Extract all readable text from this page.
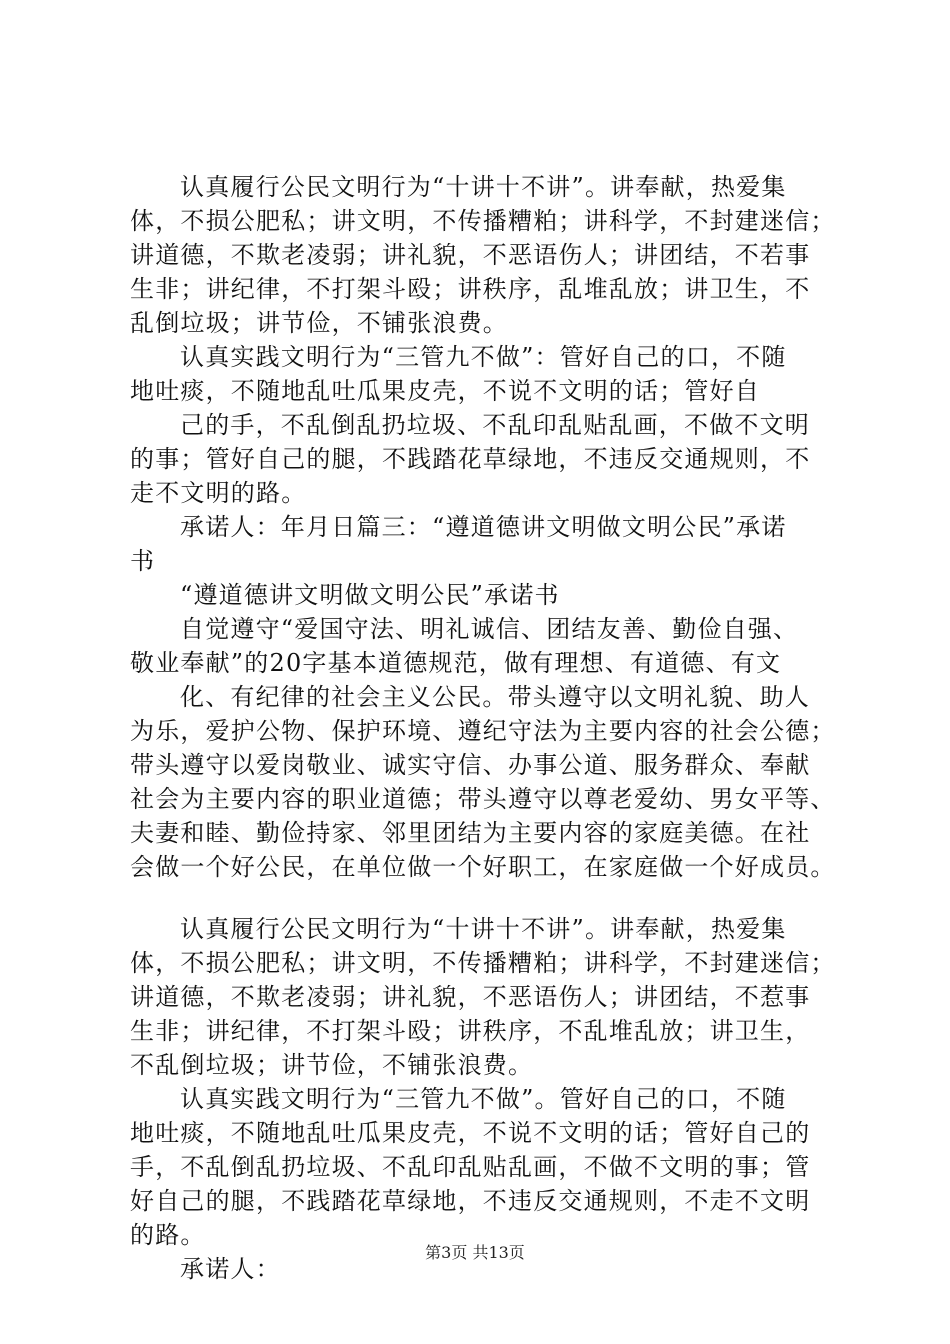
认真履行公民文明行为“十讲十不讲”。讲奉献，热爱集
体，不损公肥私；讲文明，不传播糟粕；讲科学，不封建迷信；
讲道德，不欺老凌弱；讲礼貌，不恶语伤人；讲团结，不若事
生非；讲纪律，不打架斗殴；讲秩序，乱堆乱放；讲卫生，不
乱倒垃圾；讲节俭，不铺张浪费。
认真实践文明行为“三管九不做”：管好自己的口，不随
地吐痰，不随地乱吐瓜果皮壳，不说不文明的话；管好自
己的手，不乱倒乱扔垃圾、不乱印乱贴乱画，不做不文明
的事；管好自己的腿，不践踏花草绿地，不违反交通规则，不
走不文明的路。
承诺人：年月日篇三：“遵道德讲文明做文明公民”承诺
书
“遵道德讲文明做文明公民”承诺书
自觉遵守“爱国守法、明礼诚信、团结友善、勤俭自强、
敬业奉献”的20字基本道德规范，做有理想、有道德、有文
化、有纪律的社会主义公民。带头遵守以文明礼貌、助人
为乐，爱护公物、保护环境、遵纪守法为主要内容的社会公德；
带头遵守以爱岗敬业、诚实守信、办事公道、服务群众、奉献
社会为主要内容的职业道德；带头遵守以尊老爱幼、男女平等、
夫妻和睦、勤俭持家、邻里团结为主要内容的家庭美德。在社
会做一个好公民，在单位做一个好职工，在家庭做一个好成员。
认真履行公民文明行为“十讲十不讲”。讲奉献，热爱集
体，不损公肥私；讲文明，不传播糟粕；讲科学，不封建迷信；
讲道德，不欺老凌弱；讲礼貌，不恶语伤人；讲团结，不惹事
生非；讲纪律，不打架斗殴；讲秩序，不乱堆乱放；讲卫生，
不乱倒垃圾；讲节俭，不铺张浪费。
认真实践文明行为“三管九不做”。管好自己的口，不随
地吐痰，不随地乱吐瓜果皮壳，不说不文明的话；管好自己的
手，不乱倒乱扔垃圾、不乱印乱贴乱画，不做不文明的事；管
好自己的腿，不践踏花草绿地，不违反交通规则，不走不文明
的路。
承诺人：
第3页 共13页
